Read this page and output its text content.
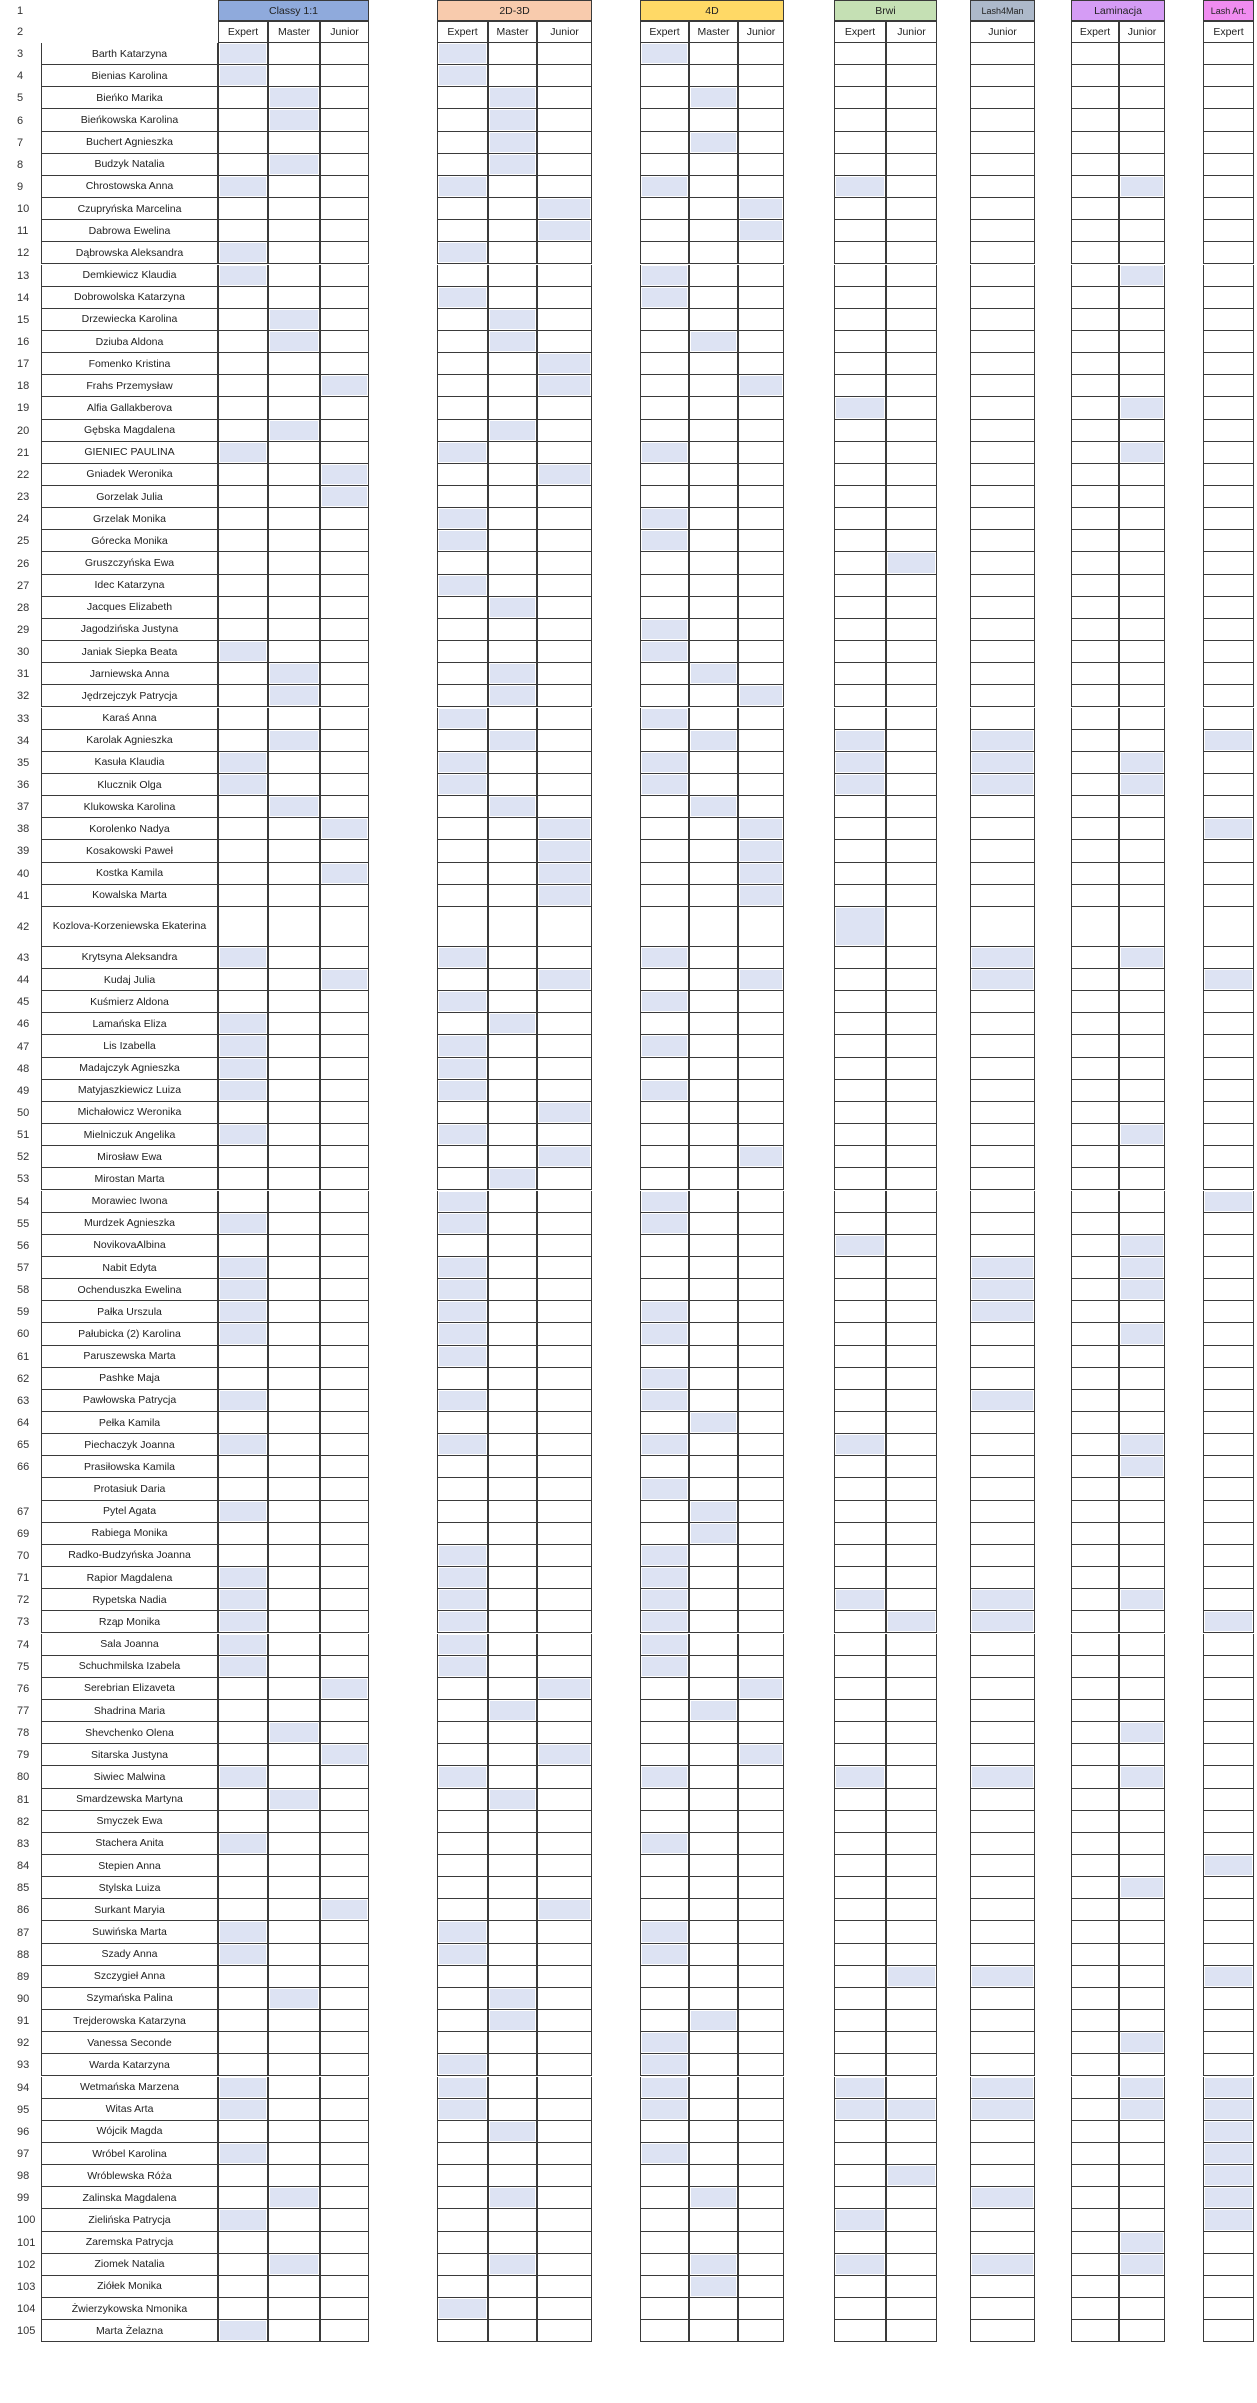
1
2
Classy 1:1	2D-3D	4D	Brwi	Lash4Man	Laminacja	Lash Art.
Expert	Master	Junior	Expert	Master	Junior	Expert	Master	Junior	Expert	Junior	Junior	Expert	Junior	Expert
3	Barth Katarzyna
4	Bienias Karolina
5	Bieńko Marika
6	Bieńkowska Karolina
7	Buchert Agnieszka
8	Budzyk Natalia
9	Chrostowska Anna
10	Czupryńska Marcelina
11	Dabrowa Ewelina
12	Dąbrowska Aleksandra
13	Demkiewicz Klaudia
14	Dobrowolska Katarzyna
15	Drzewiecka Karolina
16	Dziuba Aldona
17	Fomenko Kristina
18	Frahs Przemysław
19	Alfia Gallakberova
20	Gębska Magdalena
21	GIENIEC PAULINA
22	Gniadek Weronika
23	Gorzelak Julia
24	Grzelak Monika
25	Górecka Monika
26	Gruszczyńska Ewa
27	Idec Katarzyna
28	Jacques Elizabeth
29	Jagodzińska Justyna
30	Janiak Siepka Beata
31	Jarniewska Anna
32	Jędrzejczyk Patrycja
33	Karaś Anna
34	Karolak Agnieszka
35	Kasuła Klaudia
36	Klucznik Olga
37	Klukowska Karolina
38	Korolenko Nadya
39	Kosakowski Paweł
40	Kostka Kamila
41	Kowalska Marta
42	Kozlova-Korzeniewska Ekaterina
43	Krytsyna Aleksandra
44	Kudaj Julia
45	Kuśmierz Aldona
46	Lamańska Eliza
47	Lis Izabella
48	Madajczyk Agnieszka
49	Matyjaszkiewicz Luiza
50	Michałowicz Weronika
51	Mielniczuk Angelika
52	Mirosław Ewa
53	Mirostan Marta
54	Morawiec Iwona
55	Murdzek Agnieszka
56	NovikovaAlbina
57	Nabit Edyta
58	Ochenduszka Ewelina
59	Pałka Urszula
60	Pałubicka (2) Karolina
61	Paruszewska Marta
62	Pashke Maja
63	Pawłowska Patrycja
64	Pełka Kamila
65	Piechaczyk Joanna
66	Prasiłowska Kamila
Protasiuk Daria
67	Pytel Agata
69	Rabiega Monika
70	Radko-Budzyńska Joanna
71	Rapior Magdalena
72	Rypetska Nadia
73	Rząp Monika
74	Sala Joanna
75	Schuchmilska Izabela
76	Serebrian Elizaveta
77	Shadrina Maria
78	Shevchenko Olena
79	Sitarska Justyna
80	Siwiec Malwina
81	Smardzewska Martyna
82	Smyczek Ewa
83	Stachera Anita
84	Stepien Anna
85	Stylska Luiza
86	Surkant Maryia
87	Suwińska Marta
88	Szady Anna
89	Szczygieł Anna
90	Szymańska Palina
91	Trejderowska Katarzyna
92	Vanessa Seconde
93	Warda Katarzyna
94	Wetmańska Marzena
95	Witas Arta
96	Wójcik Magda
97	Wróbel Karolina
98	Wróblewska Róża
99	Zalinska Magdalena
100	Zielińska Patrycja
101	Zaremska Patrycja
102	Ziomek Natalia
103	Ziółek Monika
104	Żwierzykowska Nmonika
105	Marta Żelazna
